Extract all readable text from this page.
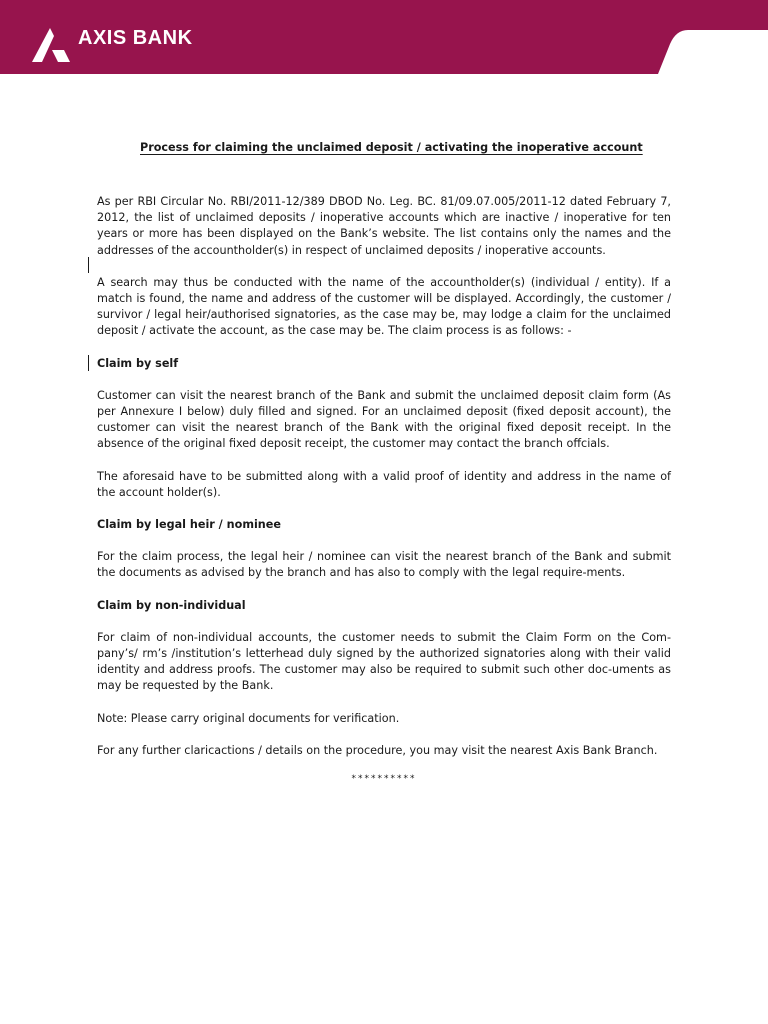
AXIS BANK
Process for claiming the unclaimed deposit / activating the inoperative account

As per RBI Circular No. RBI/2011-12/389 DBOD No. Leg. BC. 81/09.07.005/2011-12 dated February 7, 2012, the list of unclaimed deposits / inoperative accounts which are inactive / inoperative for ten years or more has been displayed on the Bank’s website. The list contains only the names and the addresses of the accountholder(s) in respect of unclaimed deposits / inoperative accounts.

A search may thus be conducted with the name of the accountholder(s) (individual / entity). If a match is found, the name and address of the customer will be displayed. Accordingly, the customer / survivor / legal heir/authorised signatories, as the case may be, may lodge a claim for the unclaimed deposit / activate the account, as the case may be. The claim process is as follows: -

Claim by self

Customer can visit the nearest branch of the Bank and submit the unclaimed deposit claim form (As per Annexure I below) duly filled and signed. For an unclaimed deposit (fixed deposit account), the customer can visit the nearest branch of the Bank with the original fixed deposit receipt. In the absence of the original fixed deposit receipt, the customer may contact the branch offcials.

The aforesaid have to be submitted along with a valid proof of identity and address in the name of the account holder(s).

Claim by legal heir / nominee

For the claim process, the legal heir / nominee can visit the nearest branch of the Bank and submit the documents as advised by the branch and has also to comply with the legal require-ments.

Claim by non-individual

For claim of non-individual accounts, the customer needs to submit the Claim Form on the Com-pany’s/ rm’s /institution’s letterhead duly signed by the authorized signatories along with their valid identity and address proofs. The customer may also be required to submit such other doc-uments as may be requested by the Bank.

Note: Please carry original documents for verification.

For any further claricactions / details on the procedure, you may visit the nearest Axis Bank Branch.

**********
